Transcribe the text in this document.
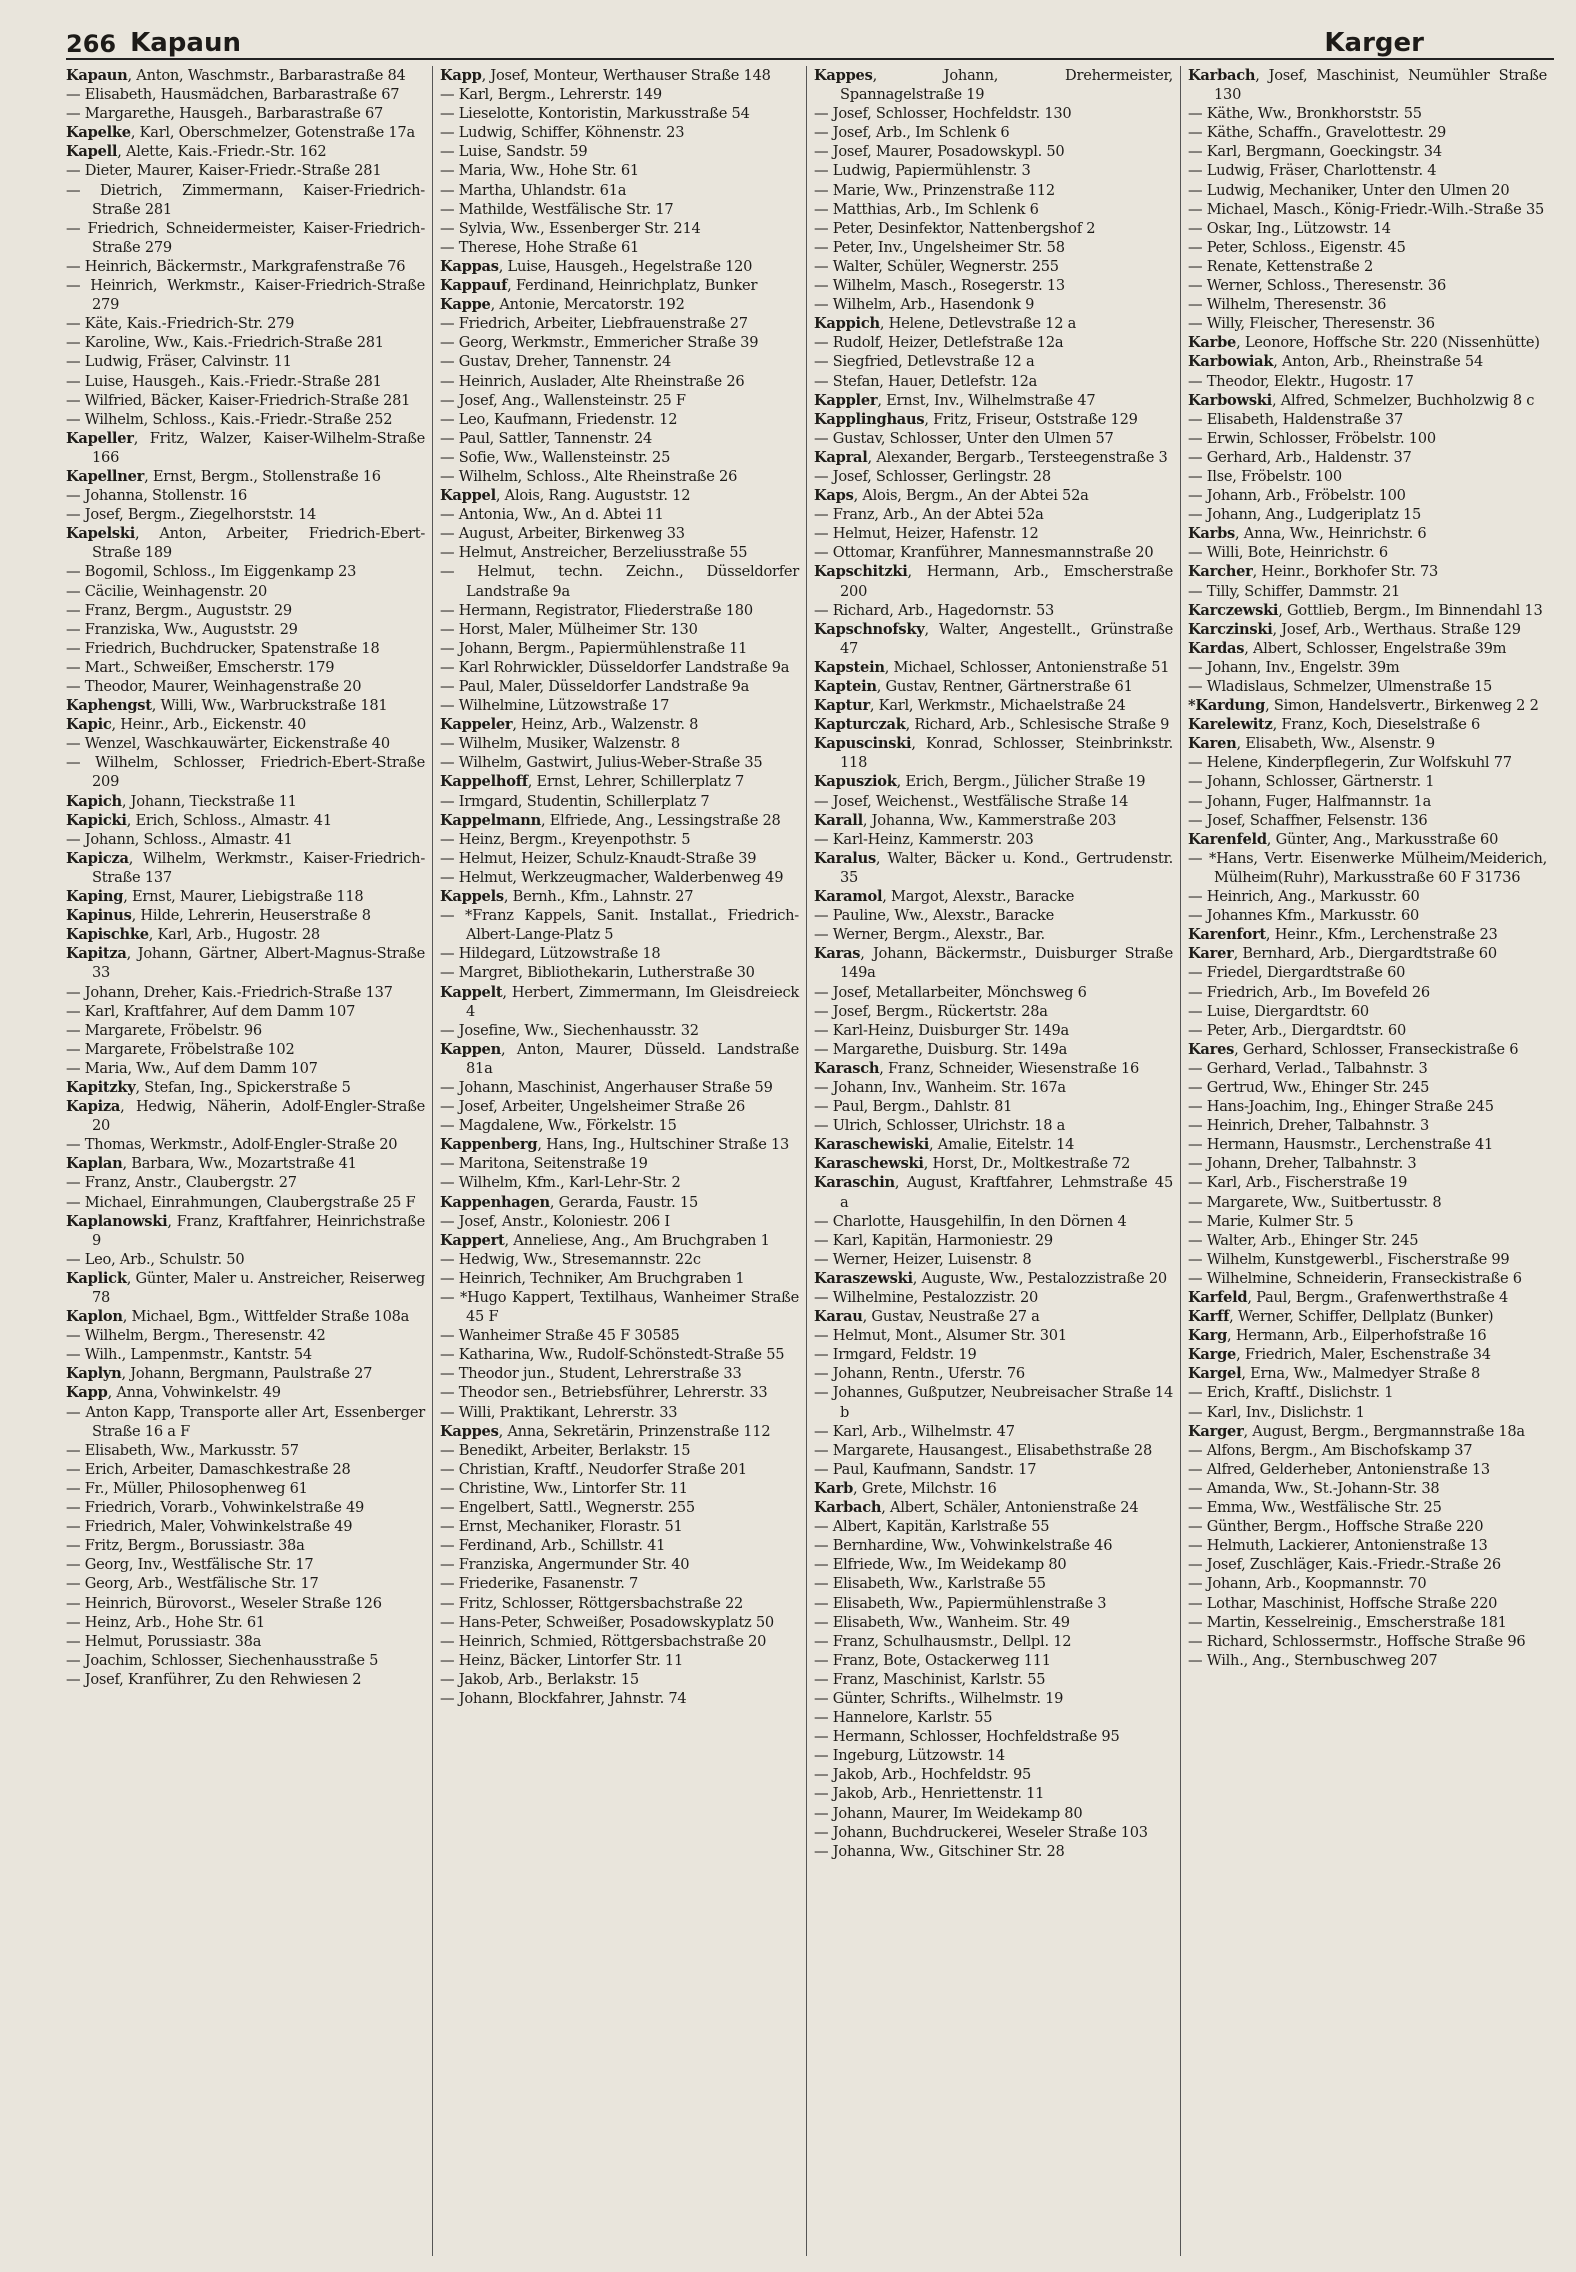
266 Kapaun	Karger

Kapaun, Anton, Waschmstr., Barbarastraße 84

— Elisabeth, Hausmädchen, Barbarastraße 67

— Margarethe, Hausgeh., Barbarastraße 67

Kapelke, Karl, Oberschmelzer, Gotenstraße 17a

Kapell, Alette, Kais.-Friedr.-Str. 162

— Dieter, Maurer, Kaiser-Friedr.-Straße 281

— Dietrich, Zimmermann, Kaiser-Friedrich-Straße 281

— Friedrich, Schneidermeister, Kaiser-Friedrich-Straße 279

— Heinrich, Bäckermstr., Markgrafenstraße 76

— Heinrich, Werkmstr., Kaiser-Friedrich-Straße 279

— Käte, Kais.-Friedrich-Str. 279

— Karoline, Ww., Kais.-Friedrich-Straße 281

— Ludwig, Fräser, Calvinstr. 11

— Luise, Hausgeh., Kais.-Friedr.-Straße 281

— Wilfried, Bäcker, Kaiser-Friedrich-Straße 281

— Wilhelm, Schloss., Kais.-Friedr.-Straße 252

Kapeller, Fritz, Walzer, Kaiser-Wilhelm-Straße 166

Kapellner, Ernst, Bergm., Stollenstraße 16

— Johanna, Stollenstr. 16

— Josef, Bergm., Ziegelhorststr. 14

Kapelski, Anton, Arbeiter, Friedrich-Ebert-Straße 189

— Bogomil, Schloss., Im Eiggenkamp 23

— Cäcilie, Weinhagenstr. 20

— Franz, Bergm., Auguststr. 29

— Franziska, Ww., Auguststr. 29

— Friedrich, Buchdrucker, Spatenstraße 18

— Mart., Schweißer, Emscherstr. 179

— Theodor, Maurer, Weinhagenstraße 20

Kaphengst, Willi, Ww., Warbruckstraße 181

Kapic, Heinr., Arb., Eickenstr. 40

— Wenzel, Waschkauwärter, Eickenstraße 40

— Wilhelm, Schlosser, Friedrich-Ebert-Straße 209

Kapich, Johann, Tieckstraße 11

Kapicki, Erich, Schloss., Almastr. 41

— Johann, Schloss., Almastr. 41

Kapicza, Wilhelm, Werkmstr., Kaiser-Friedrich-Straße 137

Kaping, Ernst, Maurer, Liebigstraße 118

Kapinus, Hilde, Lehrerin, Heuserstraße 8

Kapischke, Karl, Arb., Hugostr. 28

Kapitza, Johann, Gärtner, Albert-Magnus-Straße 33

— Johann, Dreher, Kais.-Friedrich-Straße 137

— Karl, Kraftfahrer, Auf dem Damm 107

— Margarete, Fröbelstr. 96

— Margarete, Fröbelstraße 102

— Maria, Ww., Auf dem Damm 107

Kapitzky, Stefan, Ing., Spickerstraße 5

Kapiza, Hedwig, Näherin, Adolf-Engler-Straße 20

— Thomas, Werkmstr., Adolf-Engler-Straße 20

Kaplan, Barbara, Ww., Mozartstraße 41

— Franz, Anstr., Claubergstr. 27

— Michael, Einrahmungen, Claubergstraße 25 F

Kaplanowski, Franz, Kraftfahrer, Heinrichstraße 9

— Leo, Arb., Schulstr. 50

Kaplick, Günter, Maler u. Anstreicher, Reiserweg 78

Kaplon, Michael, Bgm., Wittfelder Straße 108a

— Wilhelm, Bergm., Theresenstr. 42

— Wilh., Lampenmstr., Kantstr. 54

Kaplyn, Johann, Bergmann, Paulstraße 27

Kapp, Anna, Vohwinkelstr. 49

— Anton Kapp, Transporte aller Art, Essenberger Straße 16 a F

— Elisabeth, Ww., Markusstr. 57

— Erich, Arbeiter, Damaschkestraße 28

— Fr., Müller, Philosophenweg 61

— Friedrich, Vorarb., Vohwinkelstraße 49

— Friedrich, Maler, Vohwinkelstraße 49

— Fritz, Bergm., Borussiastr. 38a

— Georg, Inv., Westfälische Str. 17

— Georg, Arb., Westfälische Str. 17

— Heinrich, Bürovorst., Weseler Straße 126

— Heinz, Arb., Hohe Str. 61

— Helmut, Porussiastr. 38a

— Joachim, Schlosser, Siechenhausstraße 5

— Josef, Kranführer, Zu den Rehwiesen 2

Kapp, Josef, Monteur, Werthauser Straße 148

— Karl, Bergm., Lehrerstr. 149

— Lieselotte, Kontoristin, Markusstraße 54

— Ludwig, Schiffer, Köhnenstr. 23

— Luise, Sandstr. 59

— Maria, Ww., Hohe Str. 61

— Martha, Uhlandstr. 61a

— Mathilde, Westfälische Str. 17

— Sylvia, Ww., Essenberger Str. 214

— Therese, Hohe Straße 61

Kappas, Luise, Hausgeh., Hegelstraße 120

Kappauf, Ferdinand, Heinrichplatz, Bunker

Kappe, Antonie, Mercatorstr. 192

— Friedrich, Arbeiter, Liebfrauenstraße 27

— Georg, Werkmstr., Emmericher Straße 39

— Gustav, Dreher, Tannenstr. 24

— Heinrich, Auslader, Alte Rheinstraße 26

— Josef, Ang., Wallensteinstr. 25 F

— Leo, Kaufmann, Friedenstr. 12

— Paul, Sattler, Tannenstr. 24

— Sofie, Ww., Wallensteinstr. 25

— Wilhelm, Schloss., Alte Rheinstraße 26

Kappel, Alois, Rang. Auguststr. 12

— Antonia, Ww., An d. Abtei 11

— August, Arbeiter, Birkenweg 33

— Helmut, Anstreicher, Berzeliusstraße 55

— Helmut, techn. Zeichn., Düsseldorfer Landstraße 9a

— Hermann, Registrator, Fliederstraße 180

— Horst, Maler, Mülheimer Str. 130

— Johann, Bergm., Papiermühlenstraße 11

— Karl Rohrwickler, Düsseldorfer Landstraße 9a

— Paul, Maler, Düsseldorfer Landstraße 9a

— Wilhelmine, Lützowstraße 17

Kappeler, Heinz, Arb., Walzenstr. 8

— Wilhelm, Musiker, Walzenstr. 8

— Wilhelm, Gastwirt, Julius-Weber-Straße 35

Kappelhoff, Ernst, Lehrer, Schillerplatz 7

— Irmgard, Studentin, Schillerplatz 7

Kappelmann, Elfriede, Ang., Lessingstraße 28

— Heinz, Bergm., Kreyenpothstr. 5

— Helmut, Heizer, Schulz-Knaudt-Straße 39

— Helmut, Werkzeugmacher, Walderbenweg 49

Kappels, Bernh., Kfm., Lahnstr. 27

— *Franz Kappels, Sanit. Installat., Friedrich-Albert-Lange-Platz 5

— Hildegard, Lützowstraße 18

— Margret, Bibliothekarin, Lutherstraße 30

Kappelt, Herbert, Zimmermann, Im Gleisdreieck 4

— Josefine, Ww., Siechenhausstr. 32

Kappen, Anton, Maurer, Düsseld. Landstraße 81a

— Johann, Maschinist, Angerhauser Straße 59

— Josef, Arbeiter, Ungelsheimer Straße 26

— Magdalene, Ww., Förkelstr. 15

Kappenberg, Hans, Ing., Hultschiner Straße 13

— Maritona, Seitenstraße 19

— Wilhelm, Kfm., Karl-Lehr-Str. 2

Kappenhagen, Gerarda, Faustr. 15

— Josef, Anstr., Koloniestr. 206 I

Kappert, Anneliese, Ang., Am Bruchgraben 1

— Hedwig, Ww., Stresemannstr. 22c

— Heinrich, Techniker, Am Bruchgraben 1

— *Hugo Kappert, Textilhaus, Wanheimer Straße 45 F

— Wanheimer Straße 45 F 30585

— Katharina, Ww., Rudolf-Schönstedt-Straße 55

— Theodor jun., Student, Lehrerstraße 33

— Theodor sen., Betriebsführer, Lehrerstr. 33

— Willi, Praktikant, Lehrerstr. 33

Kappes, Anna, Sekretärin, Prinzenstraße 112

— Benedikt, Arbeiter, Berlakstr. 15

— Christian, Kraftf., Neudorfer Straße 201

— Christine, Ww., Lintorfer Str. 11

— Engelbert, Sattl., Wegnerstr. 255

— Ernst, Mechaniker, Florastr. 51

— Ferdinand, Arb., Schillstr. 41

— Franziska, Angermunder Str. 40

— Friederike, Fasanenstr. 7

— Fritz, Schlosser, Röttgersbachstraße 22

— Hans-Peter, Schweißer, Posadowskyplatz 50

— Heinrich, Schmied, Röttgersbachstraße 20

— Heinz, Bäcker, Lintorfer Str. 11

— Jakob, Arb., Berlakstr. 15

— Johann, Blockfahrer, Jahnstr. 74

Kappes, Johann, Drehermeister, Spannagelstraße 19

— Josef, Schlosser, Hochfeldstr. 130

— Josef, Arb., Im Schlenk 6

— Josef, Maurer, Posadowskypl. 50

— Ludwig, Papiermühlenstr. 3

— Marie, Ww., Prinzenstraße 112

— Matthias, Arb., Im Schlenk 6

— Peter, Desinfektor, Nattenbergshof 2

— Peter, Inv., Ungelsheimer Str. 58

— Walter, Schüler, Wegnerstr. 255

— Wilhelm, Masch., Rosegerstr. 13

— Wilhelm, Arb., Hasendonk 9

Kappich, Helene, Detlevstraße 12 a

— Rudolf, Heizer, Detlefstraße 12a

— Siegfried, Detlevstraße 12 a

— Stefan, Hauer, Detlefstr. 12a

Kappler, Ernst, Inv., Wilhelmstraße 47

Kapplinghaus, Fritz, Friseur, Oststraße 129

— Gustav, Schlosser, Unter den Ulmen 57

Kapral, Alexander, Bergarb., Tersteegenstraße 3

— Josef, Schlosser, Gerlingstr. 28

Kaps, Alois, Bergm., An der Abtei 52a

— Franz, Arb., An der Abtei 52a

— Helmut, Heizer, Hafenstr. 12

— Ottomar, Kranführer, Mannesmannstraße 20

Kapschitzki, Hermann, Arb., Emscherstraße 200

— Richard, Arb., Hagedornstr. 53

Kapschnofsky, Walter, Angestellt., Grünstraße 47

Kapstein, Michael, Schlosser, Antonienstraße 51

Kaptein, Gustav, Rentner, Gärtnerstraße 61

Kaptur, Karl, Werkmstr., Michaelstraße 24

Kapturczak, Richard, Arb., Schlesische Straße 9

Kapuscinski, Konrad, Schlosser, Steinbrinkstr. 118

Kapusziok, Erich, Bergm., Jülicher Straße 19

— Josef, Weichenst., Westfälische Straße 14

Karall, Johanna, Ww., Kammerstraße 203

— Karl-Heinz, Kammerstr. 203

Karalus, Walter, Bäcker u. Kond., Gertrudenstr. 35

Karamol, Margot, Alexstr., Baracke

— Pauline, Ww., Alexstr., Baracke

— Werner, Bergm., Alexstr., Bar.

Karas, Johann, Bäckermstr., Duisburger Straße 149a

— Josef, Metallarbeiter, Mönchsweg 6

— Josef, Bergm., Rückertstr. 28a

— Karl-Heinz, Duisburger Str. 149a

— Margarethe, Duisburg. Str. 149a

Karasch, Franz, Schneider, Wiesenstraße 16

— Johann, Inv., Wanheim. Str. 167a

— Paul, Bergm., Dahlstr. 81

— Ulrich, Schlosser, Ulrichstr. 18 a

Karaschewiski, Amalie, Eitelstr. 14

Karaschewski, Horst, Dr., Moltkestraße 72

Karaschin, August, Kraftfahrer, Lehmstraße 45 a

— Charlotte, Hausgehilfin, In den Dörnen 4

— Karl, Kapitän, Harmoniestr. 29

— Werner, Heizer, Luisenstr. 8

Karaszewski, Auguste, Ww., Pestalozzistraße 20

— Wilhelmine, Pestalozzistr. 20

Karau, Gustav, Neustraße 27 a

— Helmut, Mont., Alsumer Str. 301

— Irmgard, Feldstr. 19

— Johann, Rentn., Uferstr. 76

— Johannes, Gußputzer, Neubreisacher Straße 14 b

— Karl, Arb., Wilhelmstr. 47

— Margarete, Hausangest., Elisabethstraße 28

— Paul, Kaufmann, Sandstr. 17

Karb, Grete, Milchstr. 16

Karbach, Albert, Schäler, Antonienstraße 24

— Albert, Kapitän, Karlstraße 55

— Bernhardine, Ww., Vohwinkelstraße 46

— Elfriede, Ww., Im Weidekamp 80

— Elisabeth, Ww., Karlstraße 55

— Elisabeth, Ww., Papiermühlenstraße 3

— Elisabeth, Ww., Wanheim. Str. 49

— Franz, Schulhausmstr., Dellpl. 12

— Franz, Bote, Ostackerweg 111

— Franz, Maschinist, Karlstr. 55

— Günter, Schrifts., Wilhelmstr. 19

— Hannelore, Karlstr. 55

— Hermann, Schlosser, Hochfeldstraße 95

— Ingeburg, Lützowstr. 14

— Jakob, Arb., Hochfeldstr. 95

— Jakob, Arb., Henriettenstr. 11

— Johann, Maurer, Im Weidekamp 80

— Johann, Buchdruckerei, Weseler Straße 103

— Johanna, Ww., Gitschiner Str. 28

Karbach, Josef, Maschinist, Neumühler Straße 130

— Käthe, Ww., Bronkhorststr. 55

— Käthe, Schaffn., Gravelottestr. 29

— Karl, Bergmann, Goeckingstr. 34

— Ludwig, Fräser, Charlottenstr. 4

— Ludwig, Mechaniker, Unter den Ulmen 20

— Michael, Masch., König-Friedr.-Wilh.-Straße 35

— Oskar, Ing., Lützowstr. 14

— Peter, Schloss., Eigenstr. 45

— Renate, Kettenstraße 2

— Werner, Schloss., Theresenstr. 36

— Wilhelm, Theresenstr. 36

— Willy, Fleischer, Theresenstr. 36

Karbe, Leonore, Hoffsche Str. 220 (Nissenhütte)

Karbowiak, Anton, Arb., Rheinstraße 54

— Theodor, Elektr., Hugostr. 17

Karbowski, Alfred, Schmelzer, Buchholzwig 8 c

— Elisabeth, Haldenstraße 37

— Erwin, Schlosser, Fröbelstr. 100

— Gerhard, Arb., Haldenstr. 37

— Ilse, Fröbelstr. 100

— Johann, Arb., Fröbelstr. 100

— Johann, Ang., Ludgeriplatz 15

Karbs, Anna, Ww., Heinrichstr. 6

— Willi, Bote, Heinrichstr. 6

Karcher, Heinr., Borkhofer Str. 73

— Tilly, Schiffer, Dammstr. 21

Karczewski, Gottlieb, Bergm., Im Binnendahl 13

Karczinski, Josef, Arb., Werthaus. Straße 129

Kardas, Albert, Schlosser, Engelstraße 39m

— Johann, Inv., Engelstr. 39m

— Wladislaus, Schmelzer, Ulmenstraße 15

*Kardung, Simon, Handelsvertr., Birkenweg 2 2

Karelewitz, Franz, Koch, Dieselstraße 6

Karen, Elisabeth, Ww., Alsenstr. 9

— Helene, Kinderpflegerin, Zur Wolfskuhl 77

— Johann, Schlosser, Gärtnerstr. 1

— Johann, Fuger, Halfmannstr. 1a

— Josef, Schaffner, Felsenstr. 136

Karenfeld, Günter, Ang., Markusstraße 60

— *Hans, Vertr. Eisenwerke Mülheim/Meiderich, Mülheim(Ruhr), Markusstraße 60 F 31736

— Heinrich, Ang., Markusstr. 60

— Johannes Kfm., Markusstr. 60

Karenfort, Heinr., Kfm., Lerchenstraße 23

Karer, Bernhard, Arb., Diergardtstraße 60

— Friedel, Diergardtstraße 60

— Friedrich, Arb., Im Bovefeld 26

— Luise, Diergardtstr. 60

— Peter, Arb., Diergardtstr. 60

Kares, Gerhard, Schlosser, Franseckistraße 6

— Gerhard, Verlad., Talbahnstr. 3

— Gertrud, Ww., Ehinger Str. 245

— Hans-Joachim, Ing., Ehinger Straße 245

— Heinrich, Dreher, Talbahnstr. 3

— Hermann, Hausmstr., Lerchenstraße 41

— Johann, Dreher, Talbahnstr. 3

— Karl, Arb., Fischerstraße 19

— Margarete, Ww., Suitbertusstr. 8

— Marie, Kulmer Str. 5

— Walter, Arb., Ehinger Str. 245

— Wilhelm, Kunstgewerbl., Fischerstraße 99

— Wilhelmine, Schneiderin, Franseckistraße 6

Karfeld, Paul, Bergm., Grafenwerthstraße 4

Karff, Werner, Schiffer, Dellplatz (Bunker)

Karg, Hermann, Arb., Eilperhofstraße 16

Karge, Friedrich, Maler, Eschenstraße 34

Kargel, Erna, Ww., Malmedyer Straße 8

— Erich, Kraftf., Dislichstr. 1

— Karl, Inv., Dislichstr. 1

Karger, August, Bergm., Bergmannstraße 18a

— Alfons, Bergm., Am Bischofskamp 37

— Alfred, Gelderheber, Antonienstraße 13

— Amanda, Ww., St.-Johann-Str. 38

— Emma, Ww., Westfälische Str. 25

— Günther, Bergm., Hoffsche Straße 220

— Helmuth, Lackierer, Antonienstraße 13

— Josef, Zuschläger, Kais.-Friedr.-Straße 26

— Johann, Arb., Koopmannstr. 70

— Lothar, Maschinist, Hoffsche Straße 220

— Martin, Kesselreinig., Emscherstraße 181

— Richard, Schlossermstr., Hoffsche Straße 96

— Wilh., Ang., Sternbuschweg 207
